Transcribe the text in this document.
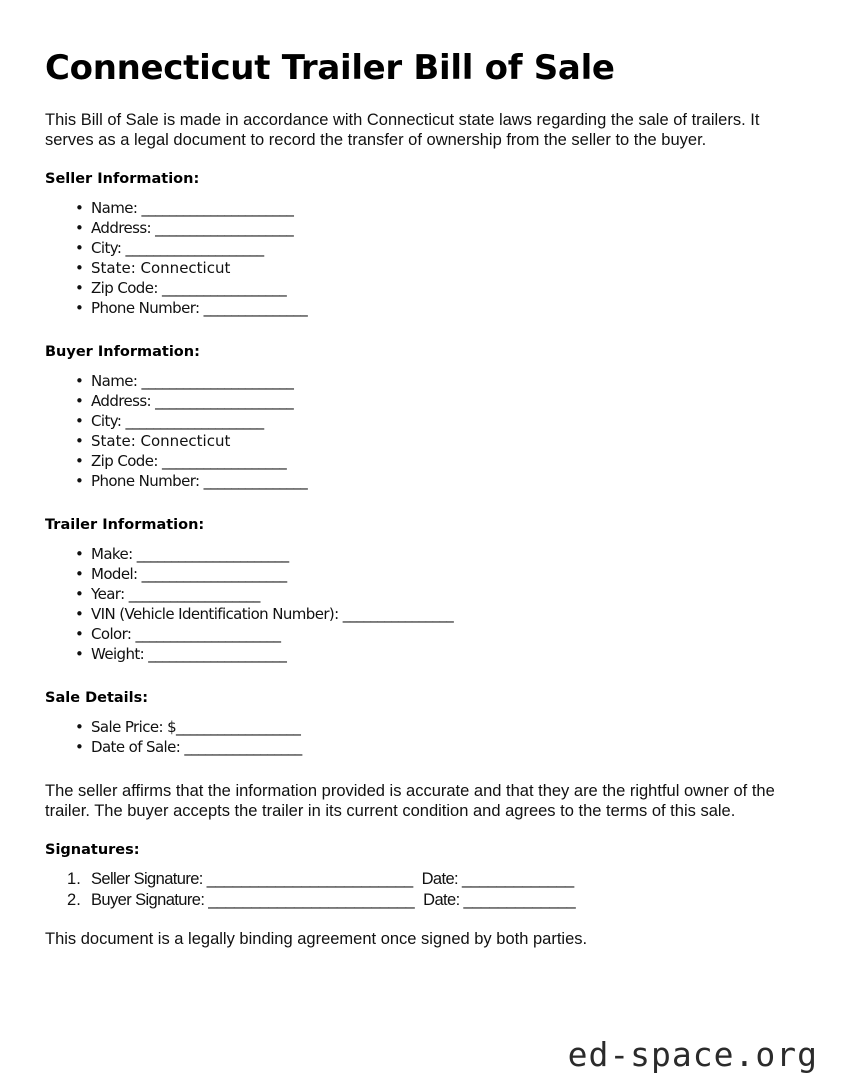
Connecticut Trailer Bill of Sale

This Bill of Sale is made in accordance with Connecticut state laws regarding the sale of trailers. It serves as a legal document to record the transfer of ownership from the seller to the buyer.

Seller Information:
• Name: ______________________
• Address: ____________________
• City: ____________________
• State: Connecticut
• Zip Code: __________________
• Phone Number: _______________
Buyer Information:
• Name: ______________________
• Address: ____________________
• City: ____________________
• State: Connecticut
• Zip Code: __________________
• Phone Number: _______________
Trailer Information:
• Make: ______________________
• Model: _____________________
• Year: ___________________
• VIN (Vehicle Identification Number): ________________
• Color: _____________________
• Weight: ____________________
Sale Details:
• Sale Price: $__________________
• Date of Sale: _________________

The seller affirms that the information provided is accurate and that they are the rightful owner of the trailer. The buyer accepts the trailer in its current condition and agrees to the terms of this sale.

Signatures:
Seller Signature: ________________________ Date: _____________
Buyer Signature: ________________________ Date: _____________

This document is a legally binding agreement once signed by both parties.

ed-space.org
